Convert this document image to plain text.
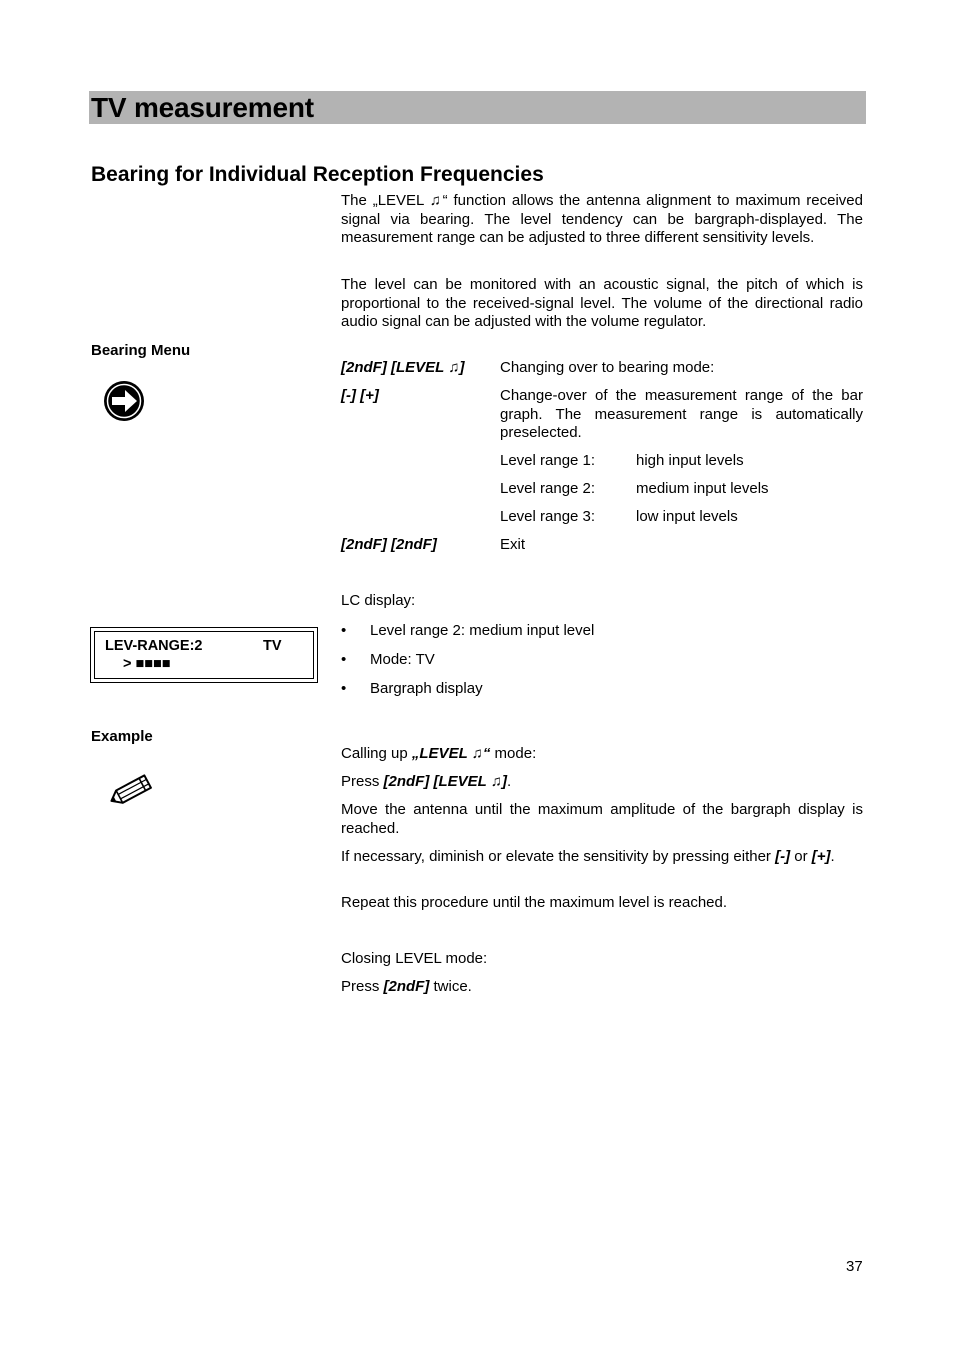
TV measurement
Bearing for Individual Reception Frequencies
The „LEVEL ♫“ function allows the antenna alignment to maximum received signal via bearing. The level tendency can be bargraph-displayed. The measurement range can be adjusted to three different sensitivity levels.
The level can be monitored with an acoustic signal, the pitch of which is proportional to the received-signal level. The volume of the directional radio audio signal can be adjusted with the volume regulator.
Bearing Menu
[2ndF] [LEVEL ♫] Changing over to bearing mode:
[-] [+]	Change-over of the measurement range of the bar graph. The measurement range is automatically preselected.
Level range 1:	high input levels
Level range 2:	medium input levels
Level range 3:	low input levels
[2ndF] [2ndF]	Exit
LC display:
LEV-RANGE:2	TV
> ■■■■
• Level range 2: medium input level
• Mode: TV
• Bargraph display
Example
Calling up „LEVEL ♫“ mode:
Press [2ndF] [LEVEL ♫].
Move the antenna until the maximum amplitude of the bargraph display is reached.
If necessary, diminish or elevate the sensitivity by pressing either [-] or [+].
Repeat this procedure until the maximum level is reached.
Closing LEVEL mode:
Press [2ndF] twice.
37
